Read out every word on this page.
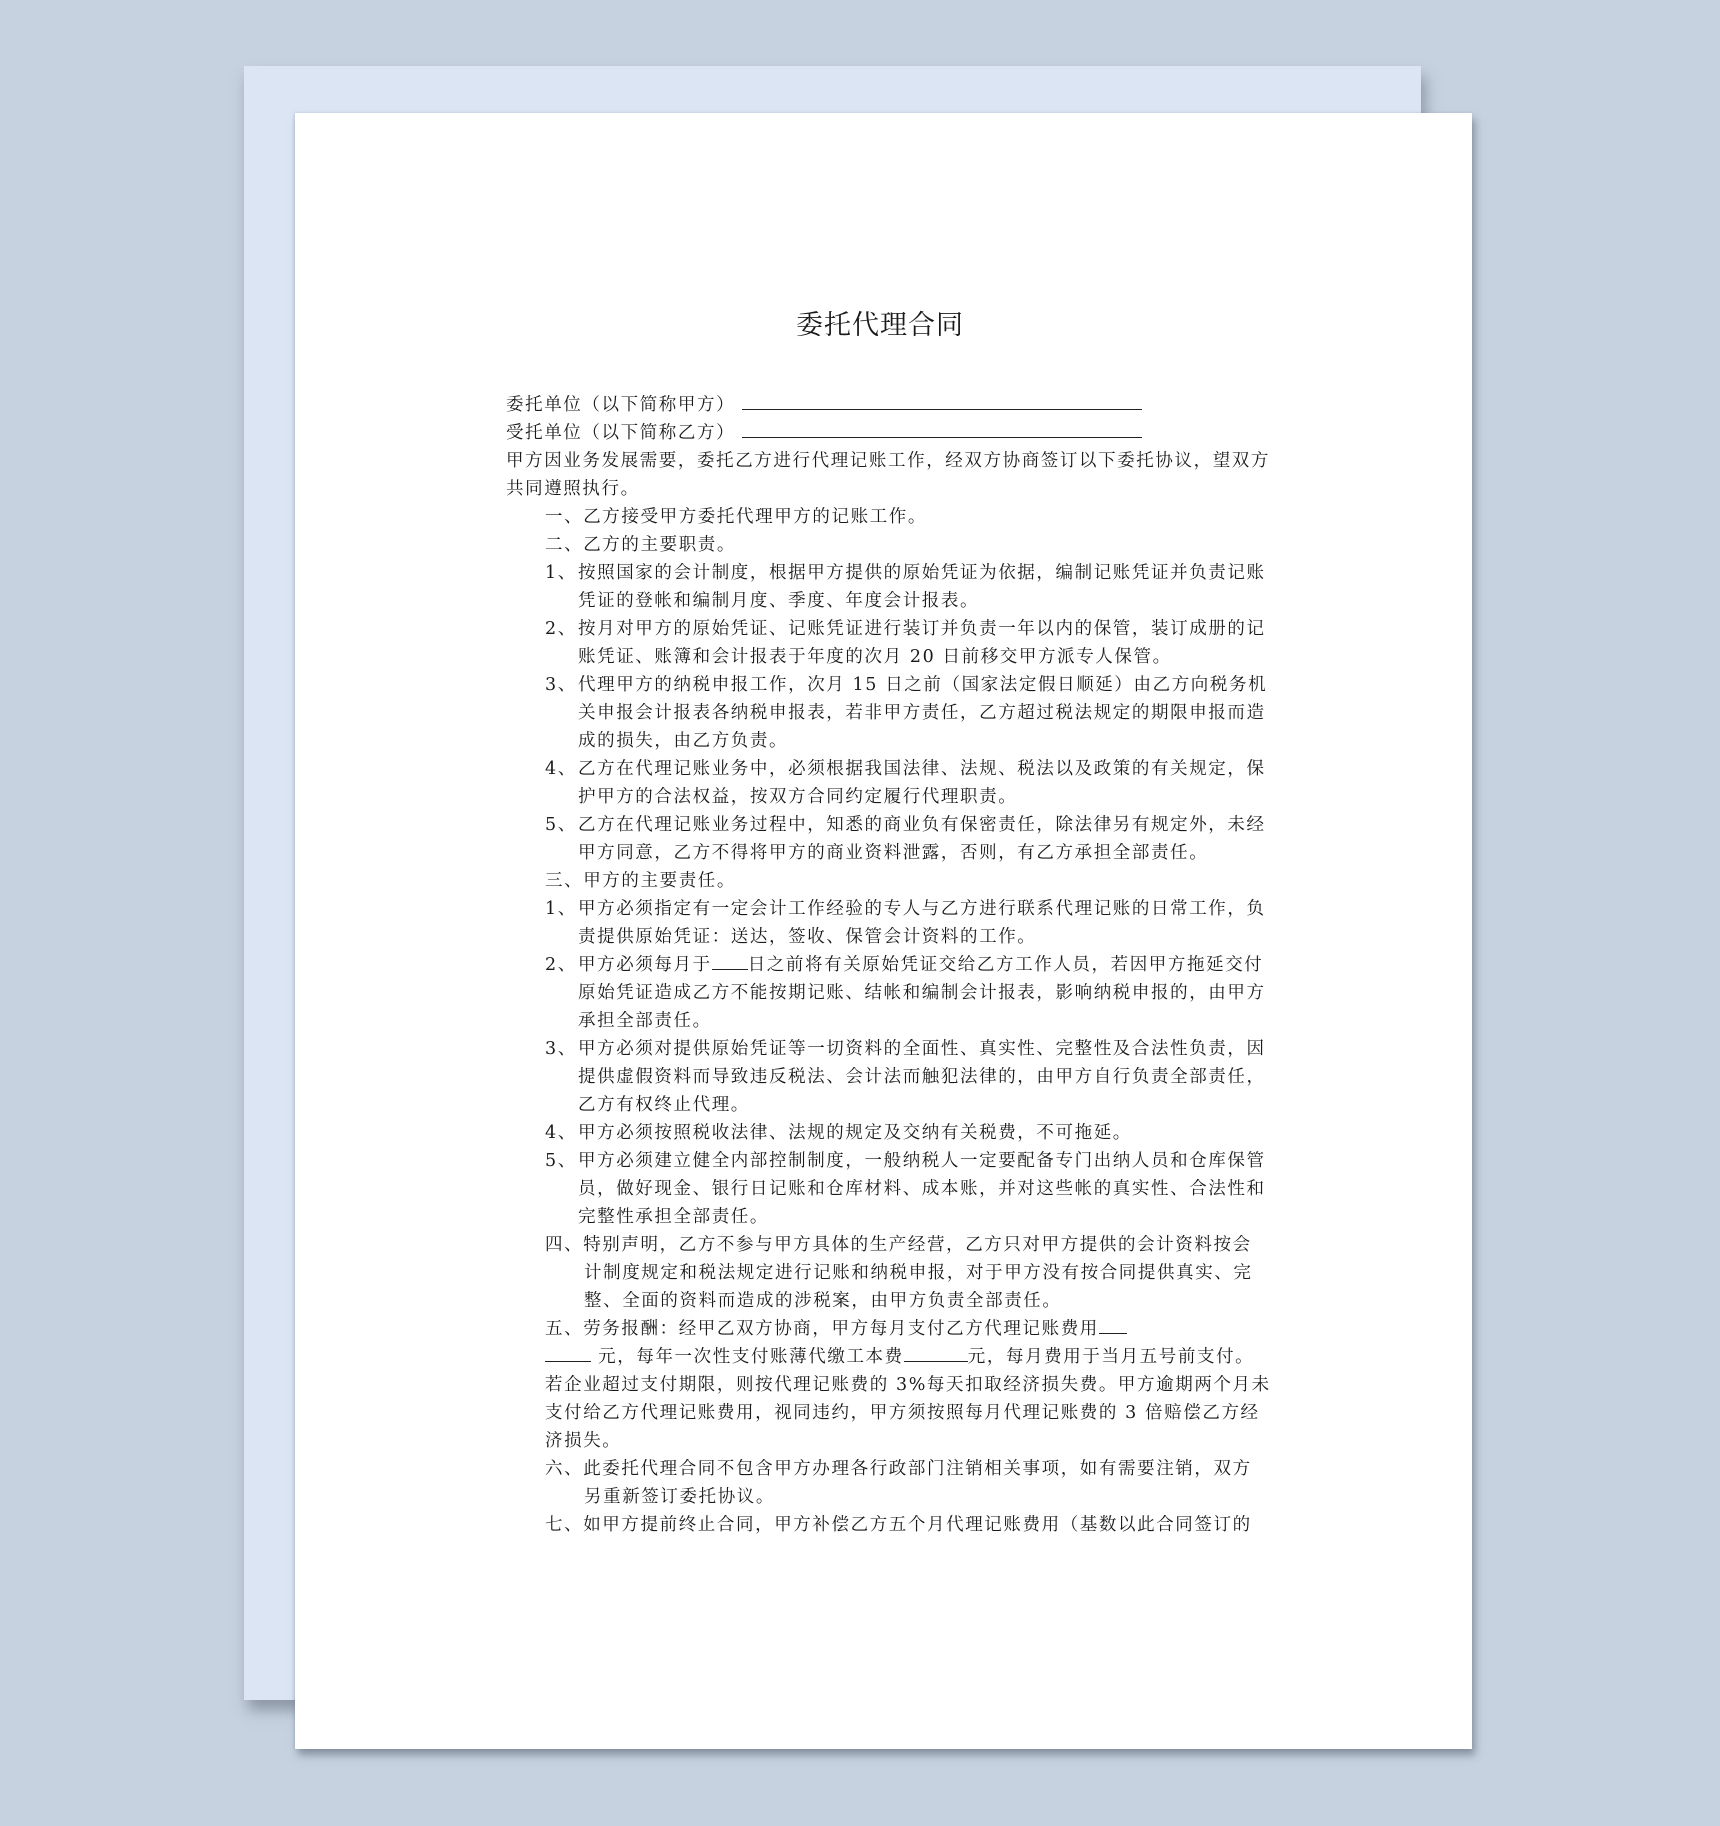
委托代理合同
委托单位（以下简称甲方）
受托单位（以下简称乙方）
甲方因业务发展需要，委托乙方进行代理记账工作，经双方协商签订以下委托协议，望双方
共同遵照执行。
一、乙方接受甲方委托代理甲方的记账工作。
二、乙方的主要职责。
1、 按照国家的会计制度，根据甲方提供的原始凭证为依据，编制记账凭证并负责记账
凭证的登帐和编制月度、季度、年度会计报表。
2、 按月对甲方的原始凭证、记账凭证进行装订并负责一年以内的保管，装订成册的记
账凭证、账簿和会计报表于年度的次月 20 日前移交甲方派专人保管。
3、 代理甲方的纳税申报工作，次月 15 日之前（国家法定假日顺延）由乙方向税务机
关申报会计报表各纳税申报表，若非甲方责任，乙方超过税法规定的期限申报而造
成的损失，由乙方负责。
4、 乙方在代理记账业务中，必须根据我国法律、法规、税法以及政策的有关规定，保
护甲方的合法权益，按双方合同约定履行代理职责。
5、 乙方在代理记账业务过程中，知悉的商业负有保密责任，除法律另有规定外，未经
甲方同意，乙方不得将甲方的商业资料泄露，否则，有乙方承担全部责任。
三、甲方的主要责任。
1、 甲方必须指定有一定会计工作经验的专人与乙方进行联系代理记账的日常工作，负
责提供原始凭证：送达，签收、保管会计资料的工作。
2、 甲方必须每月于 日之前将有关原始凭证交给乙方工作人员，若因甲方拖延交付
原始凭证造成乙方不能按期记账、结帐和编制会计报表，影响纳税申报的，由甲方
承担全部责任。
3、 甲方必须对提供原始凭证等一切资料的全面性、真实性、完整性及合法性负责，因
提供虚假资料而导致违反税法、会计法而触犯法律的，由甲方自行负责全部责任，
乙方有权终止代理。
4、 甲方必须按照税收法律、法规的规定及交纳有关税费，不可拖延。
5、 甲方必须建立健全内部控制制度，一般纳税人一定要配备专门出纳人员和仓库保管
员，做好现金、银行日记账和仓库材料、成本账，并对这些帐的真实性、合法性和
完整性承担全部责任。
四、特别声明，乙方不参与甲方具体的生产经营，乙方只对甲方提供的会计资料按会
计制度规定和税法规定进行记账和纳税申报，对于甲方没有按合同提供真实、完
整、全面的资料而造成的涉税案，由甲方负责全部责任。
五、劳务报酬：经甲乙双方协商，甲方每月支付乙方代理记账费用
元，每年一次性支付账薄代缴工本费	元，每月费用于当月五号前支付。
若企业超过支付期限，则按代理记账费的 3%每天扣取经济损失费。甲方逾期两个月未
支付给乙方代理记账费用，视同违约，甲方须按照每月代理记账费的 3 倍赔偿乙方经
济损失。
六、此委托代理合同不包含甲方办理各行政部门注销相关事项，如有需要注销，双方
另重新签订委托协议。
七、如甲方提前终止合同，甲方补偿乙方五个月代理记账费用（基数以此合同签订的
